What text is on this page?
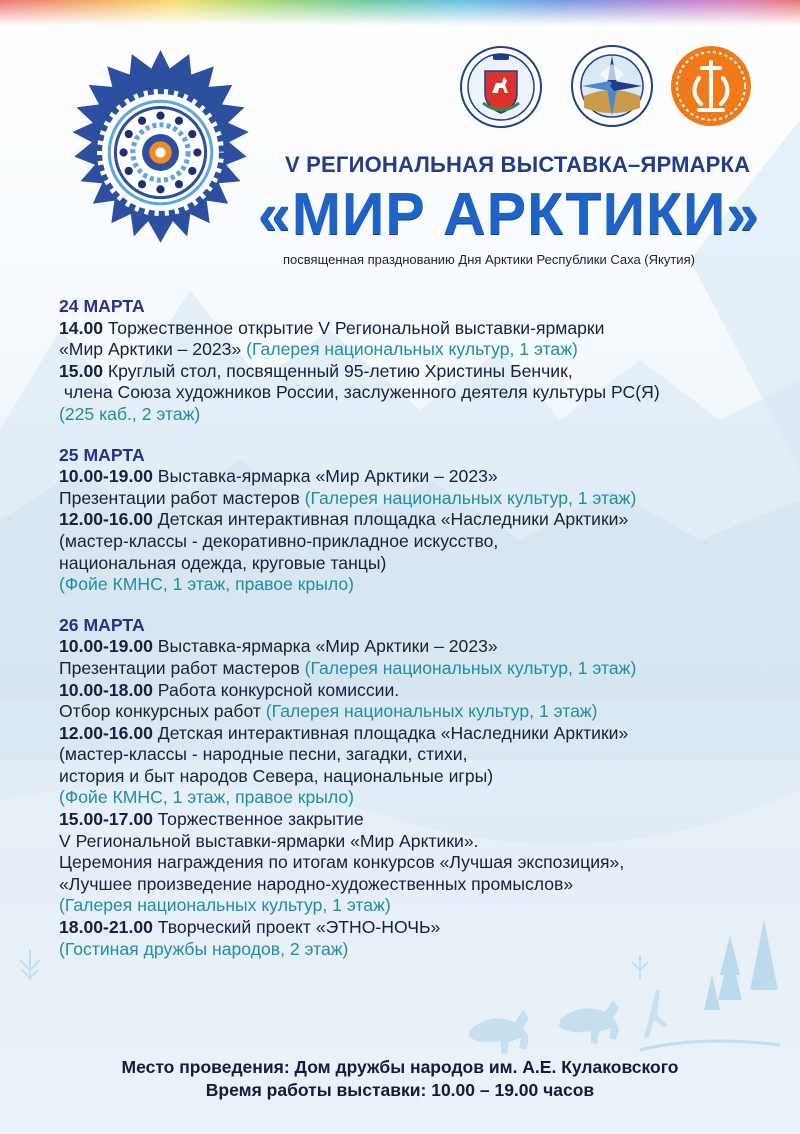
V РЕГИОНАЛЬНАЯ ВЫСТАВКА–ЯРМАРКА
«МИР АРКТИКИ»
посвященная празднованию Дня Арктики Республики Саха (Якутия)
24 МАРТА
14.00 Торжественное открытие V Региональной выставки-ярмарки
«Мир Арктики – 2023» (Галерея национальных культур, 1 этаж)
15.00 Круглый стол, посвященный 95-летию Христины Бенчик,
члена Союза художников России, заслуженного деятеля культуры РС(Я)
(225 каб., 2 этаж)
25 МАРТА
10.00-19.00 Выставка-ярмарка «Мир Арктики – 2023»
Презентации работ мастеров (Галерея национальных культур, 1 этаж)
12.00-16.00 Детская интерактивная площадка «Наследники Арктики»
(мастер-классы - декоративно-прикладное искусство,
национальная одежда, круговые танцы)
(Фойе КМНС, 1 этаж, правое крыло)
26 МАРТА
10.00-19.00 Выставка-ярмарка «Мир Арктики – 2023»
Презентации работ мастеров (Галерея национальных культур, 1 этаж)
10.00-18.00 Работа конкурсной комиссии.
Отбор конкурсных работ (Галерея национальных культур, 1 этаж)
12.00-16.00 Детская интерактивная площадка «Наследники Арктики»
(мастер-классы - народные песни, загадки, стихи,
история и быт народов Севера, национальные игры)
(Фойе КМНС, 1 этаж, правое крыло)
15.00-17.00 Торжественное закрытие
V Региональной выставки-ярмарки «Мир Арктики».
Церемония награждения по итогам конкурсов «Лучшая экспозиция»,
«Лучшее произведение народно-художественных промыслов»
(Галерея национальных культур, 1 этаж)
18.00-21.00 Творческий проект «ЭТНО-НОЧЬ»
(Гостиная дружбы народов, 2 этаж)
Место проведения: Дом дружбы народов им. А.Е. Кулаковского
Время работы выставки: 10.00 – 19.00 часов
